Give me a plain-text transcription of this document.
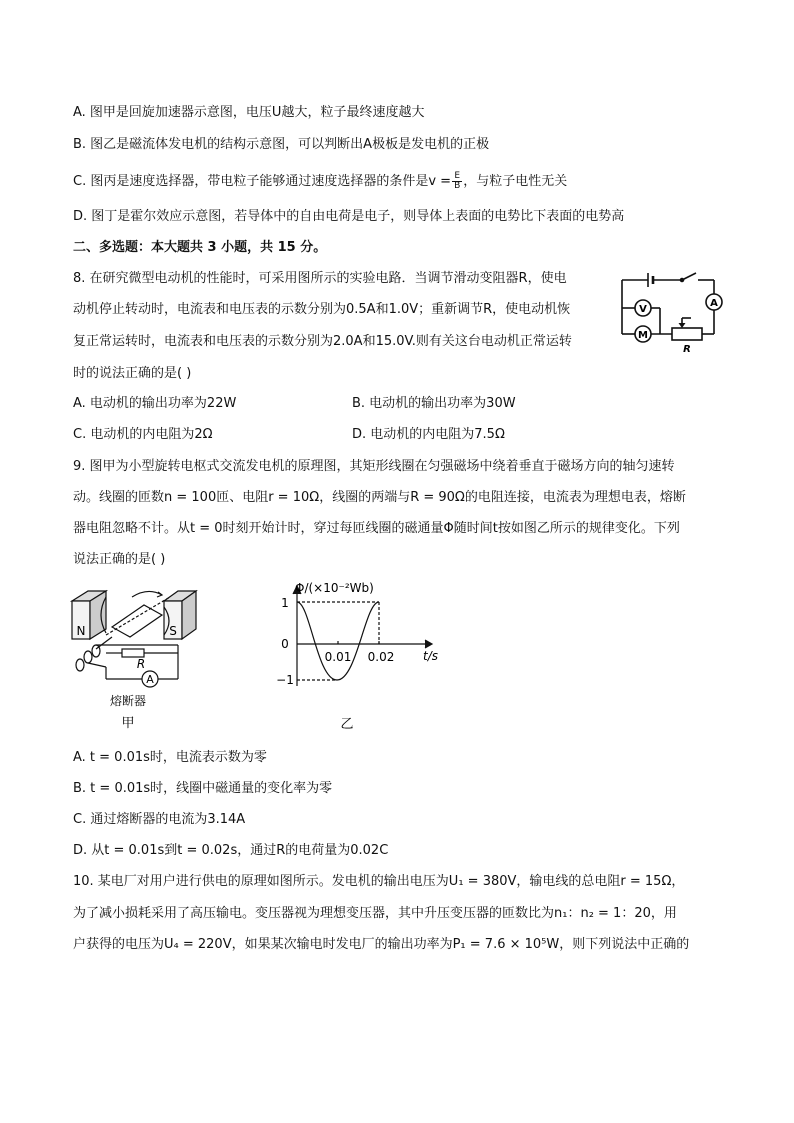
A. 图甲是回旋加速器示意图，电压U越大，粒子最终速度越大
B. 图乙是磁流体发电机的结构示意图，可以判断出A极板是发电机的正极
C. 图丙是速度选择器，带电粒子能够通过速度选择器的条件是$v = \frac{E}{B}$ ，与粒子电性无关
D. 图丁是霍尔效应示意图，若导体中的自由电荷是电子，则导体上表面的电势比下表面的电势高
二、多选题：本大题共 3 小题，共 15 分。
8. 在研究微型电动机的性能时，可采用图所示的实验电路．当调节滑动变阻器R，使电
动机停止转动时，电流表和电压表的示数分别为0.5A和1.0V；重新调节R，使电动机恢
复正常运转时，电流表和电压表的示数分别为2.0A和15.0V.则有关这台电动机正常运转
时的说法正确的是( )
V
M
A
R
A. 电动机的输出功率为22W	B. 电动机的输出功率为30W
C. 电动机的内电阻为2Ω	D. 电动机的内电阻为7.5Ω
9. 图甲为小型旋转电枢式交流发电机的原理图，其矩形线圈在匀强磁场中绕着垂直于磁场方向的轴匀速转
动。线圈的匝数n = 100匝、电阻r = 10Ω，线圈的两端与R = 90Ω的电阻连接，电流表为理想电表，熔断
器电阻忽略不计。从t = 0时刻开始计时，穿过每匝线圈的磁通量Φ随时间t按如图乙所示的规律变化。下列
说法正确的是( )
N	S
R
A
熔断器
甲
Φ/(×10⁻²Wb)
1
0
−1
0.01 0.02 t/s
乙
A. t = 0.01s时，电流表示数为零
B. t = 0.01s时，线圈中磁通量的变化率为零
C. 通过熔断器的电流为3.14A
D. 从t = 0.01s到t = 0.02s，通过R的电荷量为0.02C
10. 某电厂对用户进行供电的原理如图所示。发电机的输出电压为U₁ = 380V，输电线的总电阻r = 15Ω，
为了减小损耗采用了高压输电。变压器视为理想变压器，其中升压变压器的匝数比为n₁：n₂ = 1：20，用
户获得的电压为U₄ = 220V，如果某次输电时发电厂的输出功率为P₁ = 7.6 × 10⁵W，则下列说法中正确的
